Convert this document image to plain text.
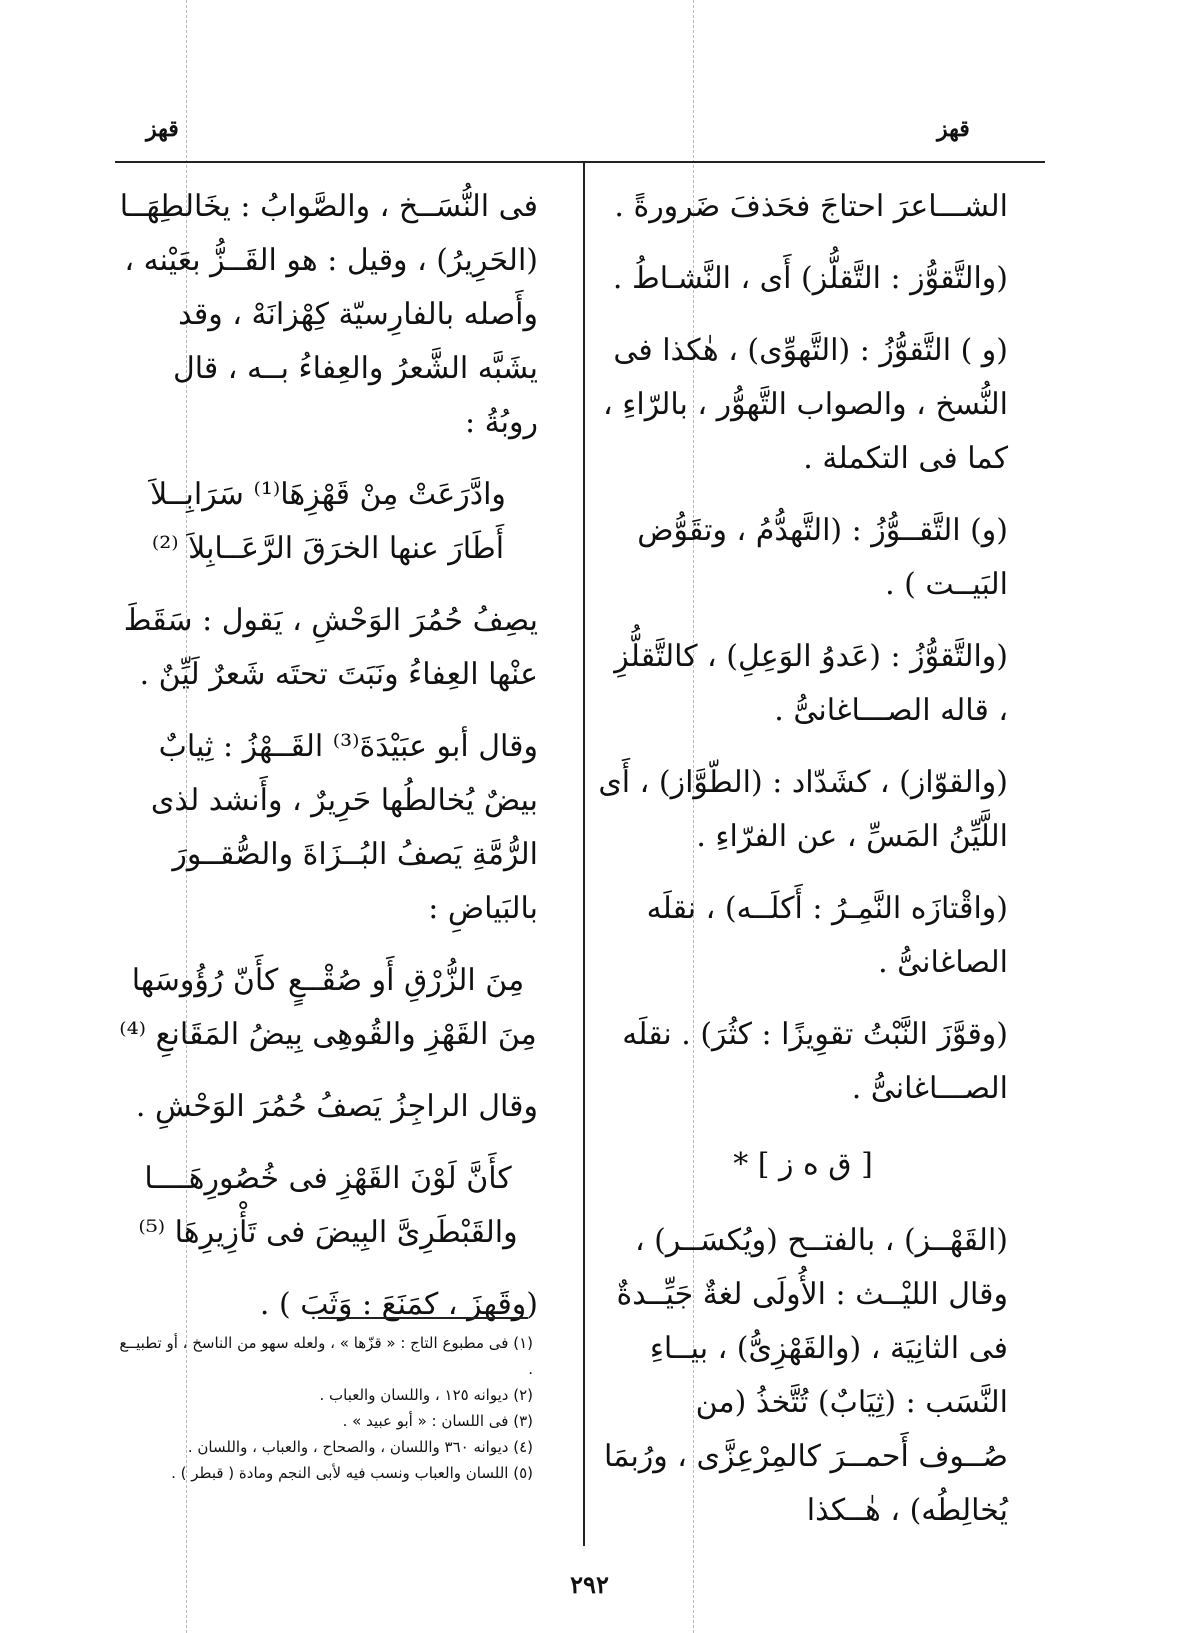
قهز
قهز

الشـــاعرَ احتاجَ فحَذفَ ضَرورةً .

(والتَّقوُّز : التَّقلُّز) أَى ، النَّشـاطُ .

(و ) التَّقوُّزُ : (التَّهوِّى) ، هٰكذا فى النُّسخ ، والصواب التَّهوُّر ، بالرّاءِ ، كما فى التكملة .

(و) التَّقــوُّزُ : (التَّهدُّمُ ، وتقَوُّض البَيــت ) .

(والتَّقوُّزُ : (عَدوُ الوَعِلِ) ، كالتَّقلُّزِ ، قاله الصـــاغانىُّ .

(والقوّاز) ، كشَدّاد : (الطّوَّاز) ، أَى اللَّيِّنُ المَسِّ ، عن الفرّاءِ .

(واقْتازَه النَّمِـرُ : أَكلَــه) ، نقلَه الصاغانىُّ .

(وقوَّزَ النَّبْتُ تقوِيزًا : كثُرَ) . نقلَه الصـــاغانىُّ .

[ ق ه ز ] *

(القَهْــز) ، بالفتــح (ويُكسَــر) ، وقال الليْــث : الأُولَى لغةٌ جَيِّــدةٌ فى الثانِيَة ، (والقَهْزِىُّ) ، بيــاءِ النَّسَب : (ثِيَابٌ) تُتَّخذُ (من صُــوف أَحمــرَ كالمِرْعِزَّى ، ورُبمَا يُخالِطُه) ، هٰــكذا

فى النُّسَــخ ، والصَّوابُ : يخَالطِهَــا (الحَرِيرُ) ، وقيل : هو القَــزُّ بعَيْنه ، وأَصله بالفارِسيّة كِهْزانَهْ ، وقد يشَبَّه الشَّعرُ والعِفاءُ بــه ، قال روبُةُ :

وادَّرَعَتْ مِنْ قَهْزِهَا⁽¹⁾ سَرَابِــلاَ

أَطَارَ عنها الخرَقَ الرَّعَــابِلاَ ⁽²⁾

يصِفُ حُمُرَ الوَحْشِ ، يَقول : سَقَطَ عنْها العِفاءُ ونَبَتَ تحتَه شَعرٌ لَيِّنٌ .

وقال أبو عبَيْدَةَ⁽³⁾ القَــهْزُ : ثِيابٌ بيضٌ يُخالطُها حَرِيرٌ ، وأَنشد لذى الرُّمَّةِ يَصفُ البُــزَاةَ والصُّقــورَ بالبَياضِ :

مِنَ الزُّرْقِ أَو صُقْــعٍ كأَنّ رُؤُوسَها

مِنَ القَهْزِ والقُوهِى بِيضُ المَقَانعِ ⁽⁴⁾

وقال الراجِزُ يَصفُ حُمُرَ الوَحْشِ .

كأَنَّ لَوْنَ القَهْزِ فى خُصُورِهَــــا

والقَبْطَرِىَّ البِيضَ فى تَأْزِيرِهَا ⁽⁵⁾

(وقَهزَ ، كمَنَعَ : وَثَبَ ) .

(١) فى مطبوع التاج : « قزّها » ، ولعله سهو من الناسخ ، أو تطبيــع .
(٢) ديوانه ١٢٥ ، واللسان والعباب .
(٣) فى اللسان : « أبو عبيد » .
(٤) ديوانه ٣٦٠ واللسان ، والصحاح ، والعباب ، واللسان .
(٥) اللسان والعباب ونسب فيه لأبى النجم ومادة ( قبطر ) .
٢٩٢
